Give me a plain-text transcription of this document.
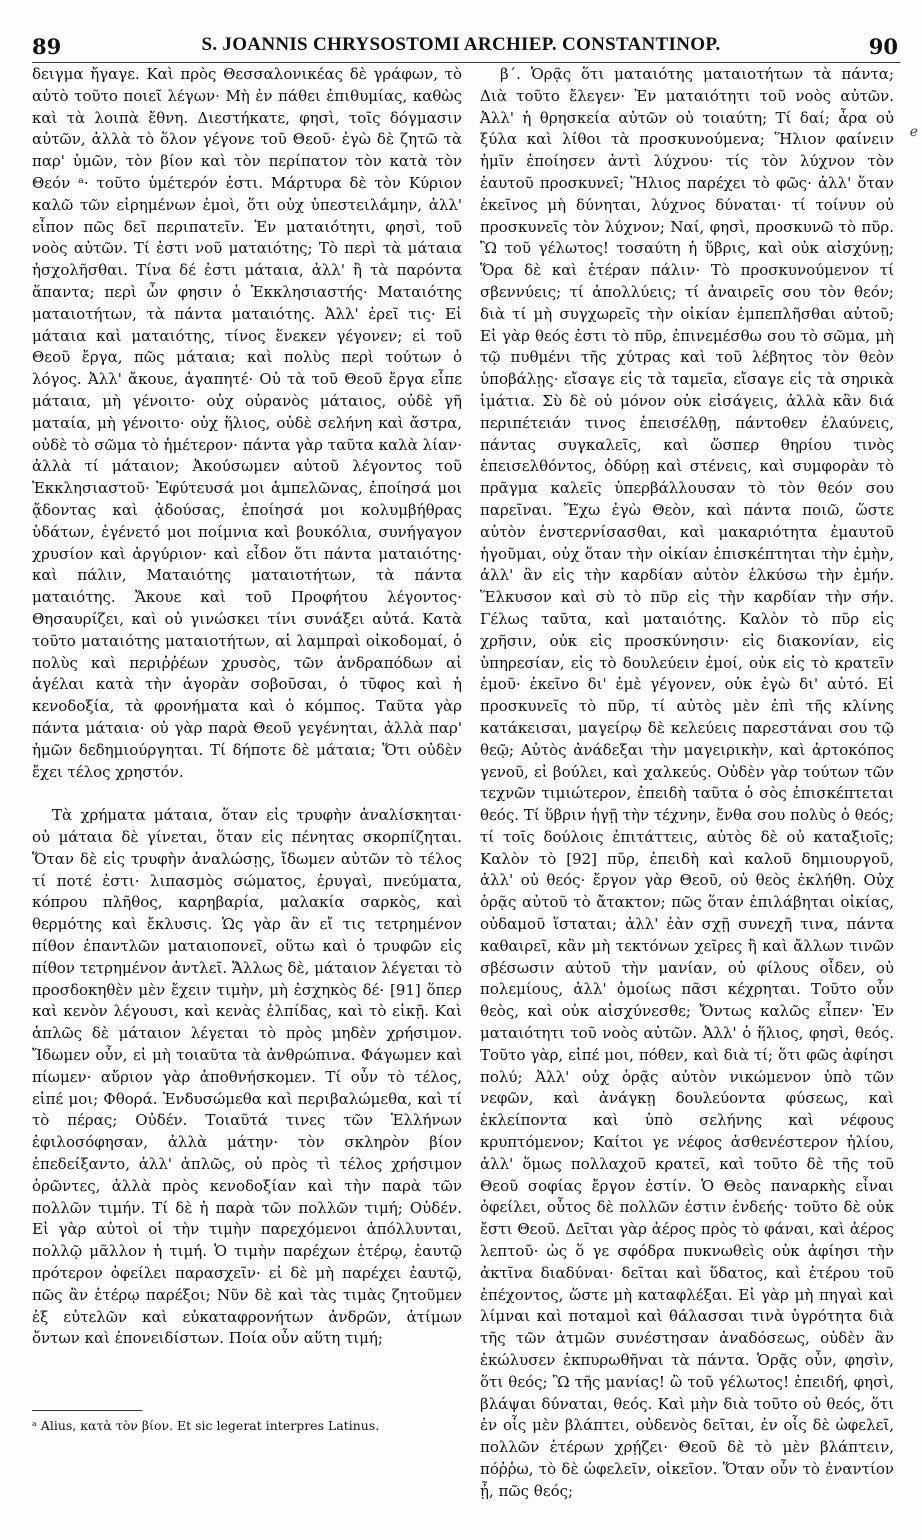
89	S. JOANNIS CHRYSOSTOMI ARCHIEP. CONSTANTINOP.	90

δειγμα ἤγαγε. Καὶ πρὸς Θεσσαλονικέας δὲ γράφων, τὸ αὐτὸ τοῦτο ποιεῖ λέγων· Μὴ ἐν πάθει ἐπιθυμίας, καθὼς καὶ τὰ λοιπὰ ἔθνη. Διεστήκατε, φησὶ, τοῖς δόγμασιν αὐτῶν, ἀλλὰ τὸ ὅλον γέγονε τοῦ Θεοῦ· ἐγὼ δὲ ζητῶ τὰ παρ' ὑμῶν, τὸν βίον καὶ τὸν περίπατον τὸν κατὰ τὸν Θεόν ᵃ· τοῦτο ὑμέτερόν ἐστι. Μάρτυρα δὲ τὸν Κύριον καλῶ τῶν εἰρημένων ἐμοὶ, ὅτι οὐχ ὑπεστειλάμην, ἀλλ' εἶπον πῶς δεῖ περιπατεῖν. Ἐν ματαιότητι, φησὶ, τοῦ νοὸς αὐτῶν. Τί ἐστι νοῦ ματαιότης; Τὸ περὶ τὰ μάταια ἠσχολῆσθαι. Τίνα δέ ἐστι μάταια, ἀλλ' ἢ τὰ παρόντα ἅπαντα; περὶ ὧν φησιν ὁ Ἐκκλησιαστής· Ματαιότης ματαιοτήτων, τὰ πάντα ματαιότης. Ἀλλ' ἐρεῖ τις· Εἰ μάταια καὶ ματαιότης, τίνος ἕνεκεν γέγονεν; εἰ τοῦ Θεοῦ ἔργα, πῶς μάταια; καὶ πολὺς περὶ τούτων ὁ λόγος. Ἀλλ' ἄκουε, ἀγαπητέ· Οὐ τὰ τοῦ Θεοῦ ἔργα εἶπε μάταια, μὴ γένοιτο· οὐχ οὐρανὸς μάταιος, οὐδὲ γῆ ματαία, μὴ γένοιτο· οὐχ ἥλιος, οὐδὲ σελήνη καὶ ἄστρα, οὐδὲ τὸ σῶμα τὸ ἡμέτερον· πάντα γὰρ ταῦτα καλὰ λίαν· ἀλλὰ τί μάταιον; Ἀκούσωμεν αὐτοῦ λέγοντος τοῦ Ἐκκλησιαστοῦ· Ἐφύτευσά μοι ἀμπελῶνας, ἐποίησά μοι ᾄδοντας καὶ ᾀδούσας, ἐποίησά μοι κολυμβήθρας ὑδάτων, ἐγένετό μοι ποίμνια καὶ βουκόλια, συνήγαγον χρυσίον καὶ ἀργύριον· καὶ εἶδον ὅτι πάντα ματαιότης· καὶ πάλιν, Ματαιότης ματαιοτήτων, τὰ πάντα ματαιότης. Ἄκουε καὶ τοῦ Προφήτου λέγοντος· Θησαυρίζει, καὶ οὐ γινώσκει τίνι συνάξει αὐτά. Κατὰ τοῦτο ματαιότης ματαιοτήτων, αἱ λαμπραὶ οἰκοδομαί, ὁ πολὺς καὶ περιῤῥέων χρυσὸς, τῶν ἀνδραπόδων αἱ ἀγέλαι κατὰ τὴν ἀγορὰν σοβοῦσαι, ὁ τῦφος καὶ ἡ κενοδοξία, τὰ φρονήματα καὶ ὁ κόμπος. Ταῦτα γὰρ πάντα μάταια· οὐ γὰρ παρὰ Θεοῦ γεγένηται, ἀλλὰ παρ' ἡμῶν δεδημιούργηται. Τί δήποτε δὲ μάταια; Ὅτι οὐδὲν ἔχει τέλος χρηστόν.

Τὰ χρήματα μάταια, ὅταν εἰς τρυφὴν ἀναλίσκηται· οὐ μάταια δὲ γίνεται, ὅταν εἰς πένητας σκορπίζηται. Ὅταν δὲ εἰς τρυφὴν ἀναλώσῃς, ἴδωμεν αὐτῶν τὸ τέλος τί ποτέ ἐστι· λιπασμὸς σώματος, ἐρυγαὶ, πνεύματα, κόπρου πλῆθος, καρηβαρία, μαλακία σαρκὸς, καὶ θερμότης καὶ ἔκλυσις. Ὡς γὰρ ἂν εἴ τις τετρημένον πίθον ἐπαντλῶν ματαιοπονεῖ, οὕτω καὶ ὁ τρυφῶν εἰς πίθον τετρημένον ἀντλεῖ. Ἄλλως δὲ, μάταιον λέγεται τὸ προσδοκηθὲν μὲν ἔχειν τιμὴν, μὴ ἐσχηκὸς δέ· [91] ὅπερ καὶ κενὸν λέγουσι, καὶ κενὰς ἐλπίδας, καὶ τὸ εἰκῇ. Καὶ ἁπλῶς δὲ μάταιον λέγεται τὸ πρὸς μηδὲν χρήσιμον. Ἴδωμεν οὖν, εἰ μὴ τοιαῦτα τὰ ἀνθρώπινα. Φάγωμεν καὶ πίωμεν· αὔριον γὰρ ἀποθνήσκομεν. Τί οὖν τὸ τέλος, εἰπέ μοι; Φθορά. Ἐνδυσώμεθα καὶ περιβαλώμεθα, καὶ τί τὸ πέρας; Οὐδέν. Τοιαῦτά τινες τῶν Ἑλλήνων ἐφιλοσόφησαν, ἀλλὰ μάτην· τὸν σκληρὸν βίον ἐπεδείξαντο, ἀλλ' ἁπλῶς, οὐ πρὸς τὶ τέλος χρήσιμον ὁρῶντες, ἀλλὰ πρὸς κενοδοξίαν καὶ τὴν παρὰ τῶν πολλῶν τιμήν. Τί δὲ ἡ παρὰ τῶν πολλῶν τιμή; Οὐδέν. Εἰ γὰρ αὐτοὶ οἱ τὴν τιμὴν παρεχόμενοι ἀπόλλυνται, πολλῷ μᾶλλον ἡ τιμή. Ὁ τιμὴν παρέχων ἑτέρῳ, ἑαυτῷ πρότερον ὀφείλει παρασχεῖν· εἰ δὲ μὴ παρέχει ἑαυτῷ, πῶς ἂν ἑτέρῳ παρέξοι; Νῦν δὲ καὶ τὰς τιμὰς ζητοῦμεν ἐξ εὐτελῶν καὶ εὐκαταφρονήτων ἀνδρῶν, ἀτίμων ὄντων καὶ ἐπονειδίστων. Ποία οὖν αὕτη τιμή;

β΄. Ὁρᾷς ὅτι ματαιότης ματαιοτήτων τὰ πάντα; Διὰ τοῦτο ἔλεγεν· Ἐν ματαιότητι τοῦ νοὸς αὐτῶν. Ἀλλ' ἡ θρησκεία αὐτῶν οὐ τοιαύτη; Τί δαί; ἆρα οὐ ξύλα καὶ λίθοι τὰ προσκυνούμενα; Ἥλιον φαίνειν ἡμῖν ἐποίησεν ἀντὶ λύχνου· τίς τὸν λύχνον τὸν ἑαυτοῦ προσκυνεῖ; Ἥλιος παρέχει τὸ φῶς· ἀλλ' ὅταν ἐκεῖνος μὴ δύνηται, λύχνος δύναται· τί τοίνυν οὐ προσκυνεῖς τὸν λύχνον; Ναί, φησὶ, προσκυνῶ τὸ πῦρ. Ὢ τοῦ γέλωτος! τοσαύτη ἡ ὕβρις, καὶ οὐκ αἰσχύνῃ; Ὅρα δὲ καὶ ἑτέραν πάλιν· Τὸ προσκυνούμενον τί σβεννύεις; τί ἀπολλύεις; τί ἀναιρεῖς σου τὸν θεόν; διὰ τί μὴ συγχωρεῖς τὴν οἰκίαν ἐμπεπλῆσθαι αὐτοῦ; Εἰ γὰρ θεός ἐστι τὸ πῦρ, ἐπινεμέσθω σου τὸ σῶμα, μὴ τῷ πυθμένι τῆς χύτρας καὶ τοῦ λέβητος τὸν θεὸν ὑποβάλῃς· εἴσαγε εἰς τὰ ταμεῖα, εἴσαγε εἰς τὰ σηρικὰ ἱμάτια. Σὺ δὲ οὐ μόνον οὐκ εἰσάγεις, ἀλλὰ κἂν διά περιπέτειάν τινος ἐπεισέλθῃ, πάντοθεν ἐλαύνεις, πάντας συγκαλεῖς, καὶ ὥσπερ θηρίου τινὸς ἐπεισελθόντος, ὀδύρῃ καὶ στένεις, καὶ συμφορὰν τὸ πρᾶγμα καλεῖς ὑπερβάλλουσαν τὸ τὸν θεόν σου παρεῖναι. Ἔχω ἐγὼ Θεὸν, καὶ πάντα ποιῶ, ὥστε αὐτὸν ἐνστερνίσασθαι, καὶ μακαριότητα ἐμαυτοῦ ἡγοῦμαι, οὐχ ὅταν τὴν οἰκίαν ἐπισκέπτηται τὴν ἐμὴν, ἀλλ' ἂν εἰς τὴν καρδίαν αὐτὸν ἑλκύσω τὴν ἐμήν. Ἕλκυσον καὶ σὺ τὸ πῦρ εἰς τὴν καρδίαν τὴν σήν. Γέλως ταῦτα, καὶ ματαιότης. Καλὸν τὸ πῦρ εἰς χρῆσιν, οὐκ εἰς προσκύνησιν· εἰς διακονίαν, εἰς ὑπηρεσίαν, εἰς τὸ δουλεύειν ἐμοί, οὐκ εἰς τὸ κρατεῖν ἐμοῦ· ἐκεῖνο δι' ἐμὲ γέγονεν, οὐκ ἐγὼ δι' αὐτό. Εἰ προσκυνεῖς τὸ πῦρ, τί αὐτὸς μὲν ἐπὶ τῆς κλίνης κατάκεισαι, μαγείρῳ δὲ κελεύεις παρεστάναι σου τῷ θεῷ; Αὐτὸς ἀνάδεξαι τὴν μαγειρικὴν, καὶ ἀρτοκόπος γενοῦ, εἰ βούλει, καὶ χαλκεύς. Οὐδὲν γὰρ τούτων τῶν τεχνῶν τιμιώτερον, ἐπειδὴ ταῦτα ὁ σὸς ἐπισκέπτεται θεός. Τί ὕβριν ἡγῇ τὴν τέχνην, ἔνθα σου πολὺς ὁ θεός; τί τοῖς δούλοις ἐπιτάττεις, αὐτὸς δὲ οὐ καταξιοῖς; Καλὸν τὸ [92] πῦρ, ἐπειδὴ καὶ καλοῦ δημιουργοῦ, ἀλλ' οὐ θεός· ἔργον γὰρ Θεοῦ, οὐ θεὸς ἐκλήθη. Οὐχ ὁρᾷς αὐτοῦ τὸ ἄτακτον; πῶς ὅταν ἐπιλάβηται οἰκίας, οὐδαμοῦ ἵσταται; ἀλλ' ἐὰν σχῇ συνεχῆ τινα, πάντα καθαιρεῖ, κἂν μὴ τεκτόνων χεῖρες ἢ καὶ ἄλλων τινῶν σβέσωσιν αὐτοῦ τὴν μανίαν, οὐ φίλους οἶδεν, οὐ πολεμίους, ἀλλ' ὁμοίως πᾶσι κέχρηται. Τοῦτο οὖν θεὸς, καὶ οὐκ αἰσχύνεσθε; Ὄντως καλῶς εἶπεν· Ἐν ματαιότητι τοῦ νοὸς αὐτῶν. Ἀλλ' ὁ ἥλιος, φησὶ, θεός. Τοῦτο γὰρ, εἰπέ μοι, πόθεν, καὶ διὰ τί; ὅτι φῶς ἀφίησι πολύ; Ἀλλ' οὐχ ὁρᾷς αὐτὸν νικώμενον ὑπὸ τῶν νεφῶν, καὶ ἀνάγκῃ δουλεύοντα φύσεως, καὶ ἐκλείποντα καὶ ὑπὸ σελήνης καὶ νέφους κρυπτόμενον; Καίτοι γε νέφος ἀσθενέστερον ἡλίου, ἀλλ' ὅμως πολλαχοῦ κρατεῖ, καὶ τοῦτο δὲ τῆς τοῦ Θεοῦ σοφίας ἔργον ἐστίν. Ὁ Θεὸς παναρκὴς εἶναι ὀφείλει, οὗτος δὲ πολλῶν ἐστιν ἐνδεής· τοῦτο δὲ οὐκ ἔστι Θεοῦ. Δεῖται γὰρ ἀέρος πρὸς τὸ φάναι, καὶ ἀέρος λεπτοῦ· ὡς ὅ γε σφόδρα πυκνωθεὶς οὐκ ἀφίησι τὴν ἀκτῖνα διαδύναι· δεῖται καὶ ὕδατος, καὶ ἑτέρου τοῦ ἐπέχοντος, ὥστε μὴ καταφλέξαι. Εἰ γὰρ μὴ πηγαὶ καὶ λίμναι καὶ ποταμοὶ καὶ θάλασσαι τινὰ ὑγρότητα διὰ τῆς τῶν ἀτμῶν συνέστησαν ἀναδόσεως, οὐδὲν ἂν ἐκώλυσεν ἐκπυρωθῆναι τὰ πάντα. Ὁρᾷς οὖν, φησὶν, ὅτι θεός; Ὢ τῆς μανίας! ὢ τοῦ γέλωτος! ἐπειδή, φησὶ, βλάψαι δύναται, θεός. Καὶ μὴν διὰ τοῦτο οὐ θεός, ὅτι ἐν οἷς μὲν βλάπτει, οὐδενὸς δεῖται, ἐν οἷς δὲ ὠφελεῖ, πολλῶν ἑτέρων χρῄζει· Θεοῦ δὲ τὸ μὲν βλάπτειν, πόῤῥω, τὸ δὲ ὠφελεῖν, οἰκεῖον. Ὅταν οὖν τὸ ἐναντίον ᾖ, πῶς θεός;

ℯ
ᵃ Alius, κατὰ τὸν βίον. Et sic legerat interpres Latinus.
